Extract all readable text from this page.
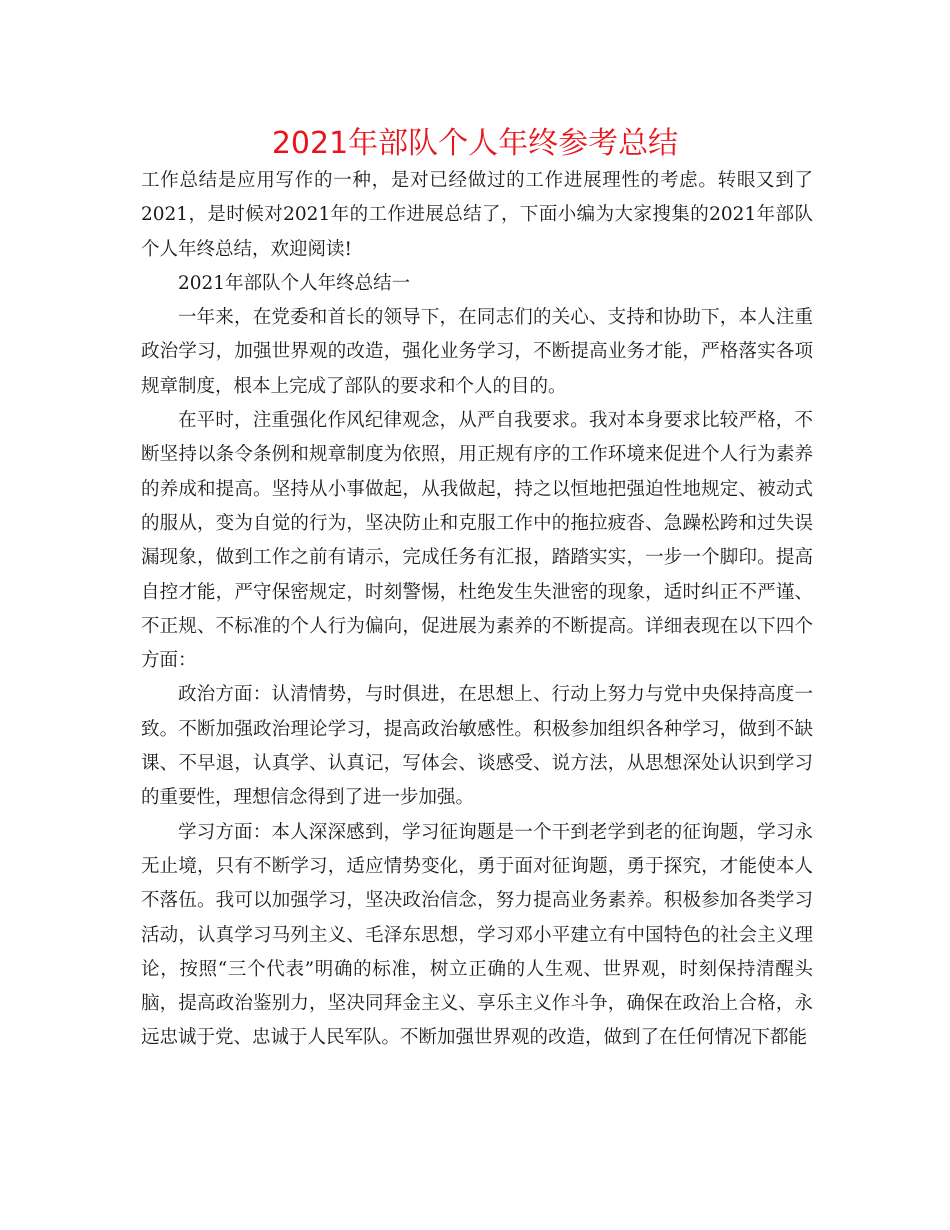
2021年部队个人年终参考总结

工作总结是应用写作的一种，是对已经做过的工作进展理性的考虑。转眼又到了2021，是时候对2021年的工作进展总结了，下面小编为大家搜集的2021年部队个人年终总结，欢迎阅读!

2021年部队个人年终总结一

一年来，在党委和首长的领导下，在同志们的关心、支持和协助下，本人注重政治学习，加强世界观的改造，强化业务学习，不断提高业务才能，严格落实各项规章制度，根本上完成了部队的要求和个人的目的。

在平时，注重强化作风纪律观念，从严自我要求。我对本身要求比较严格，不断坚持以条令条例和规章制度为依照，用正规有序的工作环境来促进个人行为素养的养成和提高。坚持从小事做起，从我做起，持之以恒地把强迫性地规定、被动式的服从，变为自觉的行为，坚决防止和克服工作中的拖拉疲沓、急躁松跨和过失误漏现象，做到工作之前有请示，完成任务有汇报，踏踏实实，一步一个脚印。提高自控才能，严守保密规定，时刻警惕，杜绝发生失泄密的现象，适时纠正不严谨、不正规、不标准的个人行为偏向，促进展为素养的不断提高。详细表现在以下四个方面：

政治方面：认清情势，与时俱进，在思想上、行动上努力与党中央保持高度一致。不断加强政治理论学习，提高政治敏感性。积极参加组织各种学习，做到不缺课、不早退，认真学、认真记，写体会、谈感受、说方法，从思想深处认识到学习的重要性，理想信念得到了进一步加强。

学习方面：本人深深感到，学习征询题是一个干到老学到老的征询题，学习永无止境，只有不断学习，适应情势变化，勇于面对征询题，勇于探究，才能使本人不落伍。我可以加强学习，坚决政治信念，努力提高业务素养。积极参加各类学习活动，认真学习马列主义、毛泽东思想，学习邓小平建立有中国特色的社会主义理论，按照“三个代表”明确的标准，树立正确的人生观、世界观，时刻保持清醒头脑，提高政治鉴别力，坚决同拜金主义、享乐主义作斗争，确保在政治上合格，永远忠诚于党、忠诚于人民军队。不断加强世界观的改造，做到了在任何情况下都能
